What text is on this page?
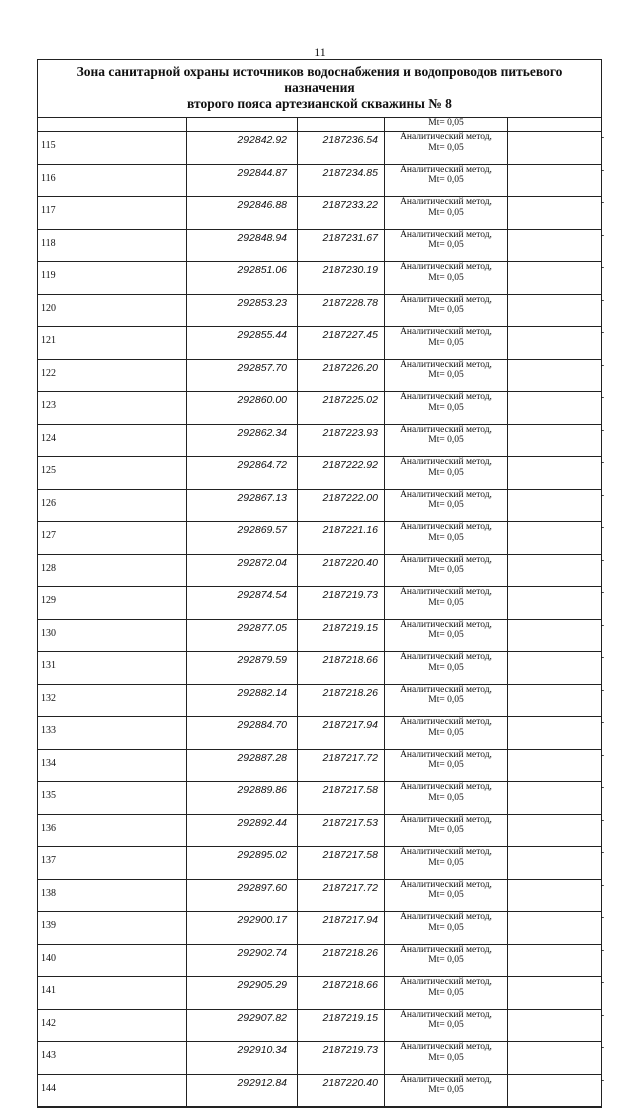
11
Зона санитарной охраны источников водоснабжения и водопроводов питьевого назначения
второго пояса артезианской скважины № 8

			Mt= 0,05	

115	292842.92	2187236.54	Аналитический метод,
Mt= 0,05	-
116	292844.87	2187234.85	Аналитический метод,
Mt= 0,05	-
117	292846.88	2187233.22	Аналитический метод,
Mt= 0,05	-
118	292848.94	2187231.67	Аналитический метод,
Mt= 0,05	-
119	292851.06	2187230.19	Аналитический метод,
Mt= 0,05	-
120	292853.23	2187228.78	Аналитический метод,
Mt= 0,05	-
121	292855.44	2187227.45	Аналитический метод,
Mt= 0,05	-
122	292857.70	2187226.20	Аналитический метод,
Mt= 0,05	-
123	292860.00	2187225.02	Аналитический метод,
Mt= 0,05	-
124	292862.34	2187223.93	Аналитический метод,
Mt= 0,05	-
125	292864.72	2187222.92	Аналитический метод,
Mt= 0,05	-
126	292867.13	2187222.00	Аналитический метод,
Mt= 0,05	-
127	292869.57	2187221.16	Аналитический метод,
Mt= 0,05	-
128	292872.04	2187220.40	Аналитический метод,
Mt= 0,05	-
129	292874.54	2187219.73	Аналитический метод,
Mt= 0,05	-
130	292877.05	2187219.15	Аналитический метод,
Mt= 0,05	-
131	292879.59	2187218.66	Аналитический метод,
Mt= 0,05	-
132	292882.14	2187218.26	Аналитический метод,
Mt= 0,05	-
133	292884.70	2187217.94	Аналитический метод,
Mt= 0,05	-
134	292887.28	2187217.72	Аналитический метод,
Mt= 0,05	-
135	292889.86	2187217.58	Аналитический метод,
Mt= 0,05	-
136	292892.44	2187217.53	Аналитический метод,
Mt= 0,05	-
137	292895.02	2187217.58	Аналитический метод,
Mt= 0,05	-
138	292897.60	2187217.72	Аналитический метод,
Mt= 0,05	-
139	292900.17	2187217.94	Аналитический метод,
Mt= 0,05	-
140	292902.74	2187218.26	Аналитический метод,
Mt= 0,05	-
141	292905.29	2187218.66	Аналитический метод,
Mt= 0,05	-
142	292907.82	2187219.15	Аналитический метод,
Mt= 0,05	-
143	292910.34	2187219.73	Аналитический метод,
Mt= 0,05	-
144	292912.84	2187220.40	Аналитический метод,
Mt= 0,05	-
